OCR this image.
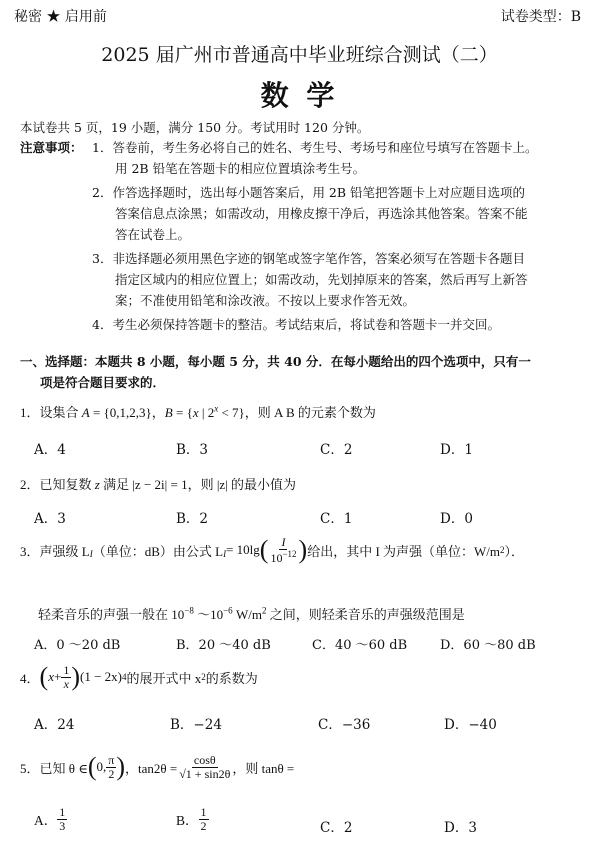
秘密 ★ 启用前	试卷类型：B
2025 届广州市普通高中毕业班综合测试（二）
数 学
本试卷共 5 页，19 小题，满分 150 分。考试用时 120 分钟。
注意事项： 1．答卷前，考生务必将自己的姓名、考生号、考场号和座位号填写在答题卡上。
用 2B 铅笔在答题卡的相应位置填涂考生号。
2．作答选择题时，选出每小题答案后，用 2B 铅笔把答题卡上对应题目选项的
答案信息点涂黑；如需改动，用橡皮擦干净后，再选涂其他答案。答案不能
答在试卷上。
3．非选择题必须用黑色字迹的钢笔或签字笔作答，答案必须写在答题卡各题目
指定区域内的相应位置上；如需改动，先划掉原来的答案，然后再写上新答
案；不准使用铅笔和涂改液。不按以上要求作答无效。
4．考生必须保持答题卡的整洁。考试结束后，将试卷和答题卡一并交回。
一、选择题：本题共 8 小题，每小题 5 分，共 40 分．在每小题给出的四个选项中，只有一
项是符合题目要求的．
1．设集合 A = {0,1,2,3}，B = {x | $2^x < 7$}，则 A B 的元素个数为
A．4	B．3	C．2	D．1
2．已知复数 z 满足 |z − 2i| = 1，则 |z| 的最小值为
A．3	B．2	C．1	D．0
3．声强级 L I （单位：dB）由公式 L I = 10lg ( $\frac{I}{10^{-12}}$ ) 给出，其中 I 为声强（单位：W/m 2 ）．
轻柔音乐的声强一般在 $10^{-8}$ $\sim 10^{-6}$ $W/m^2$ 之间，则轻柔音乐的声强级范围是
A．0 ～20 dB	B．20 ～40 dB	C．40 ～60 dB	D．60 ～80 dB
4． ( $x + \frac{1}{x}$ ) (1 − 2x) 4 的展开式中 x 2 的系数为
A．24	B．−24	C．−36	D．−40
5．已知 θ ∈ ( 0, $\frac{\pi}{2}$ ) ，$\tan 2\theta = \frac{\cos\theta}{√1 + \sin 2\theta}$ ，则 tanθ =
A． $\frac{1}{3}$	B． $\frac{1}{2}$	C．2	D．3
